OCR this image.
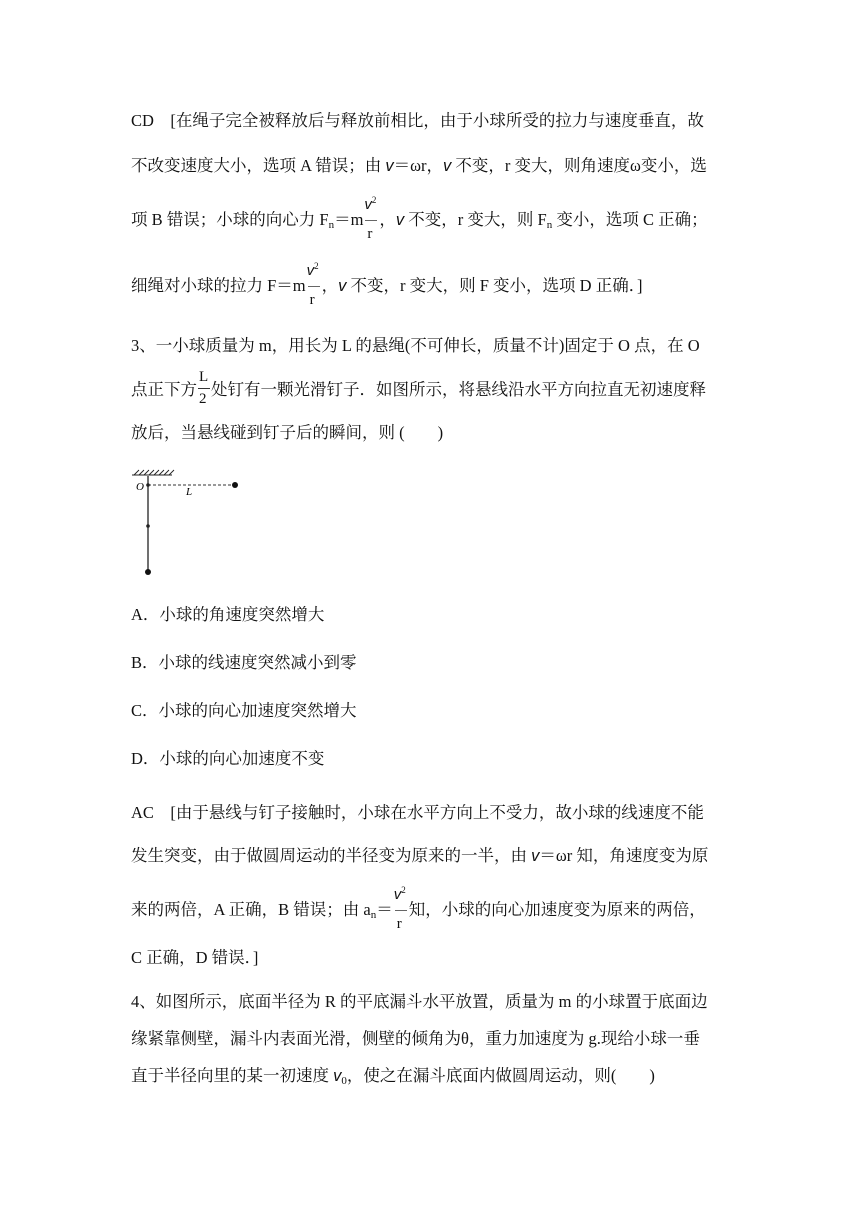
CD　[在绳子完全被释放后与释放前相比，由于小球所受的拉力与速度垂直，故
不改变速度大小，选项 A 错误；由 v＝ωr，v 不变，r 变大，则角速度ω变小，选
项 B 错误；小球的向心力 $F_n=m \frac{v^2}{r}$ ，v 不变，r 变大，则 $F_n$ 变小，选项 C 正确；
细绳对小球的拉力 $F=m \frac{v^2}{r}$ ，v 不变，r 变大，则 F 变小，选项 D 正确．]
3、一小球质量为 m，用长为 L 的悬绳(不可伸长，质量不计)固定于 O 点，在 O
点正下方 $\frac{L}{2}$ 处钉有一颗光滑钉子．如图所示，将悬线沿水平方向拉直无初速度释
放后，当悬线碰到钉子后的瞬间，则 (　　)
O	L
A．小球的角速度突然增大
B．小球的线速度突然减小到零
C．小球的向心加速度突然增大
D．小球的向心加速度不变
AC　[由于悬线与钉子接触时，小球在水平方向上不受力，故小球的线速度不能
发生突变，由于做圆周运动的半径变为原来的一半，由 v＝ωr 知，角速度变为原
来的两倍，A 正确，B 错误；由 $a_n= \frac{v^2}{r}$ 知，小球的向心加速度变为原来的两倍，
C 正确，D 错误．]
4、如图所示，底面半径为 R 的平底漏斗水平放置，质量为 m 的小球置于底面边
缘紧靠侧壁，漏斗内表面光滑，侧壁的倾角为θ，重力加速度为 g.现给小球一垂
直于半径向里的某一初速度 $v_0$，使之在漏斗底面内做圆周运动，则(　　)
